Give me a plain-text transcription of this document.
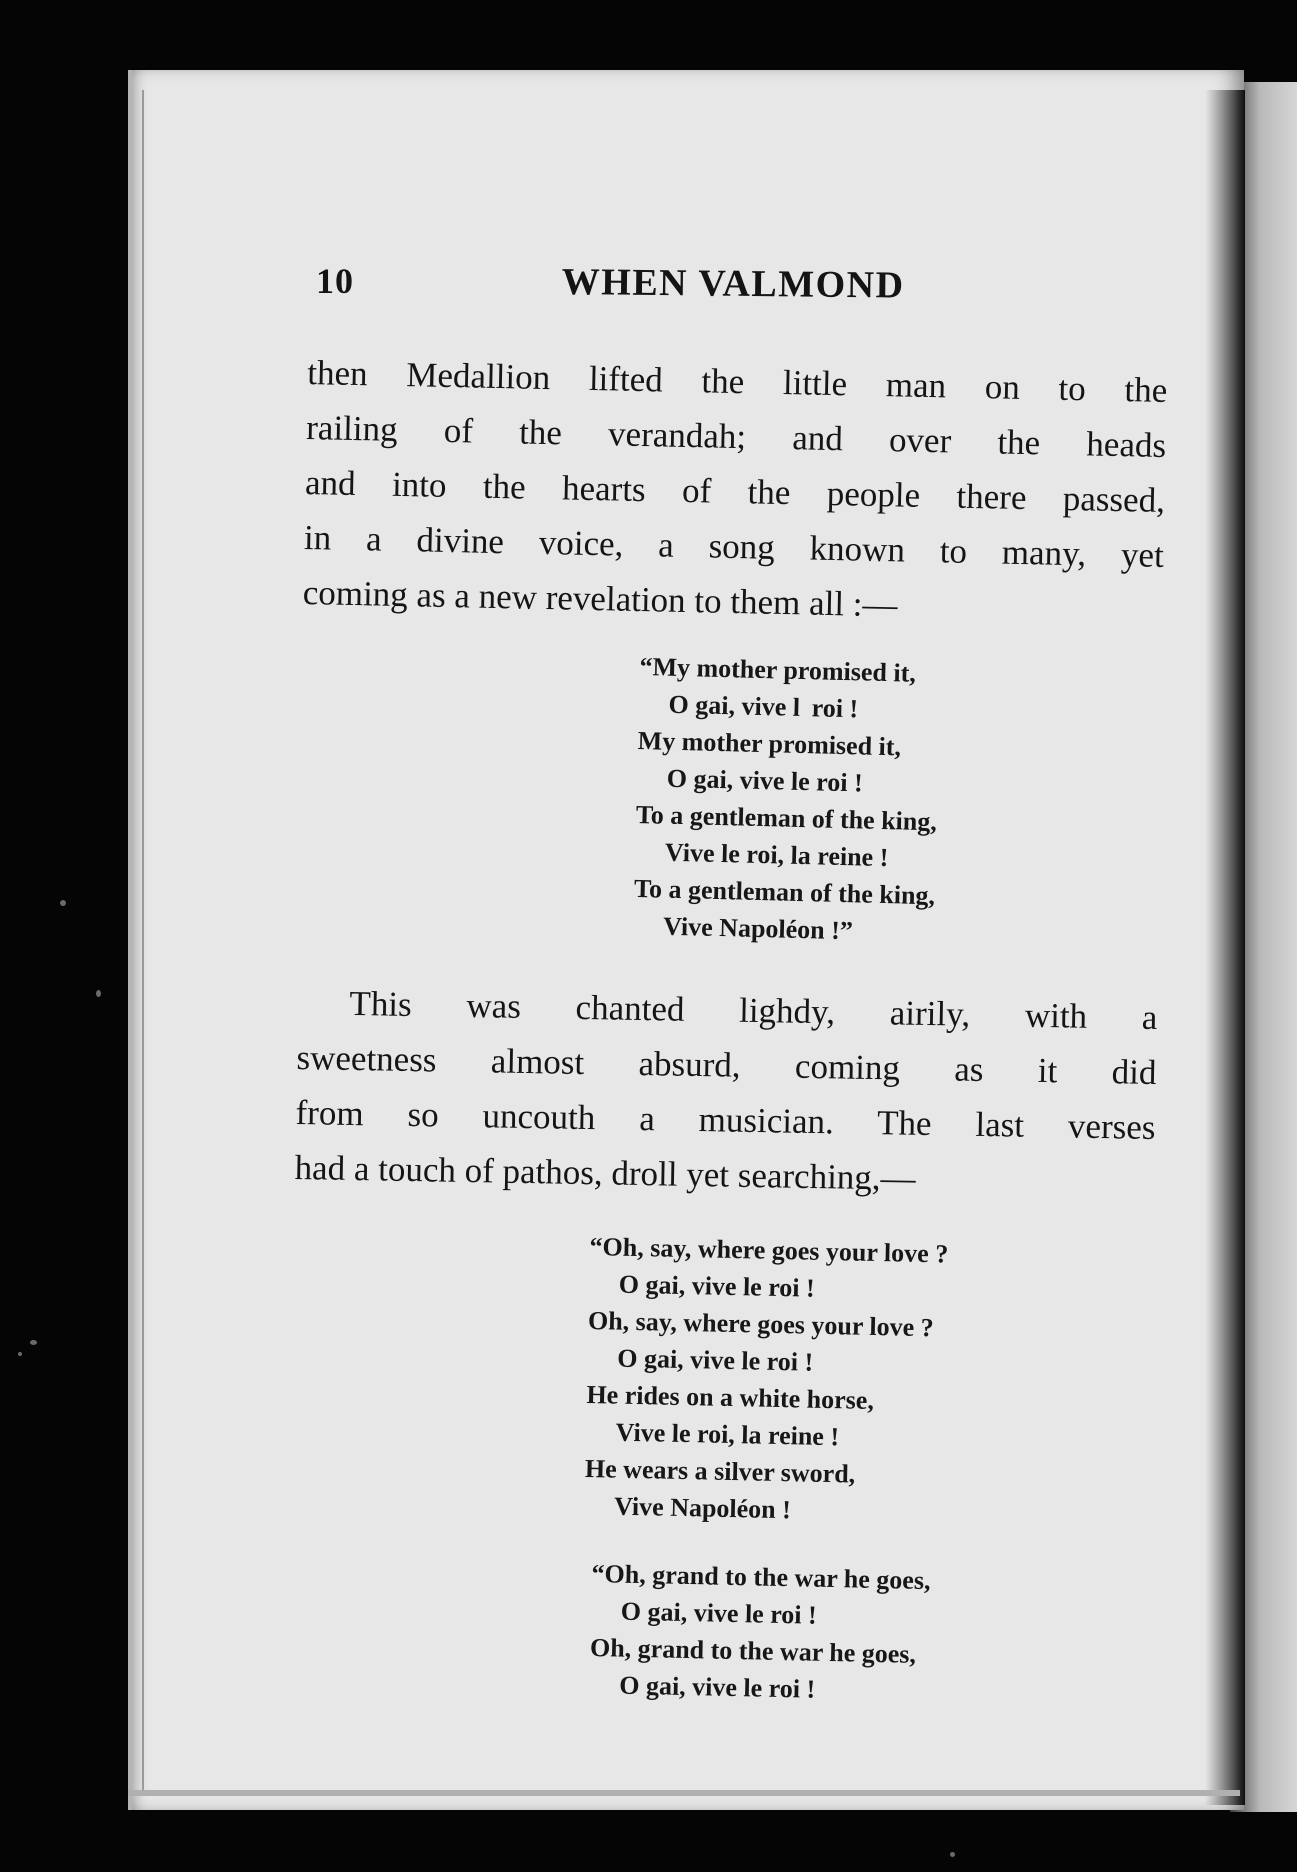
10	WHEN VALMOND

then Medallion lifted the little man on to the
railing of the verandah; and over the heads
and into the hearts of the people there passed,
in a divine voice, a song known to many, yet
coming as a new revelation to them all :—

“My mother promised it,
O gai, vive l  roi !
My mother promised it,
O gai, vive le roi !
To a gentleman of the king,
Vive le roi, la reine !
To a gentleman of the king,
Vive Napoléon !”

This was chanted lighdy, airily, with a
sweetness almost absurd, coming as it did
from so uncouth a musician. The last verses
had a touch of pathos, droll yet searching,—

“Oh, say, where goes your love ?
O gai, vive le roi !
Oh, say, where goes your love ?
O gai, vive le roi !
He rides on a white horse,
Vive le roi, la reine !
He wears a silver sword,
Vive Napoléon !
“Oh, grand to the war he goes,
O gai, vive le roi !
Oh, grand to the war he goes,
O gai, vive le roi !
